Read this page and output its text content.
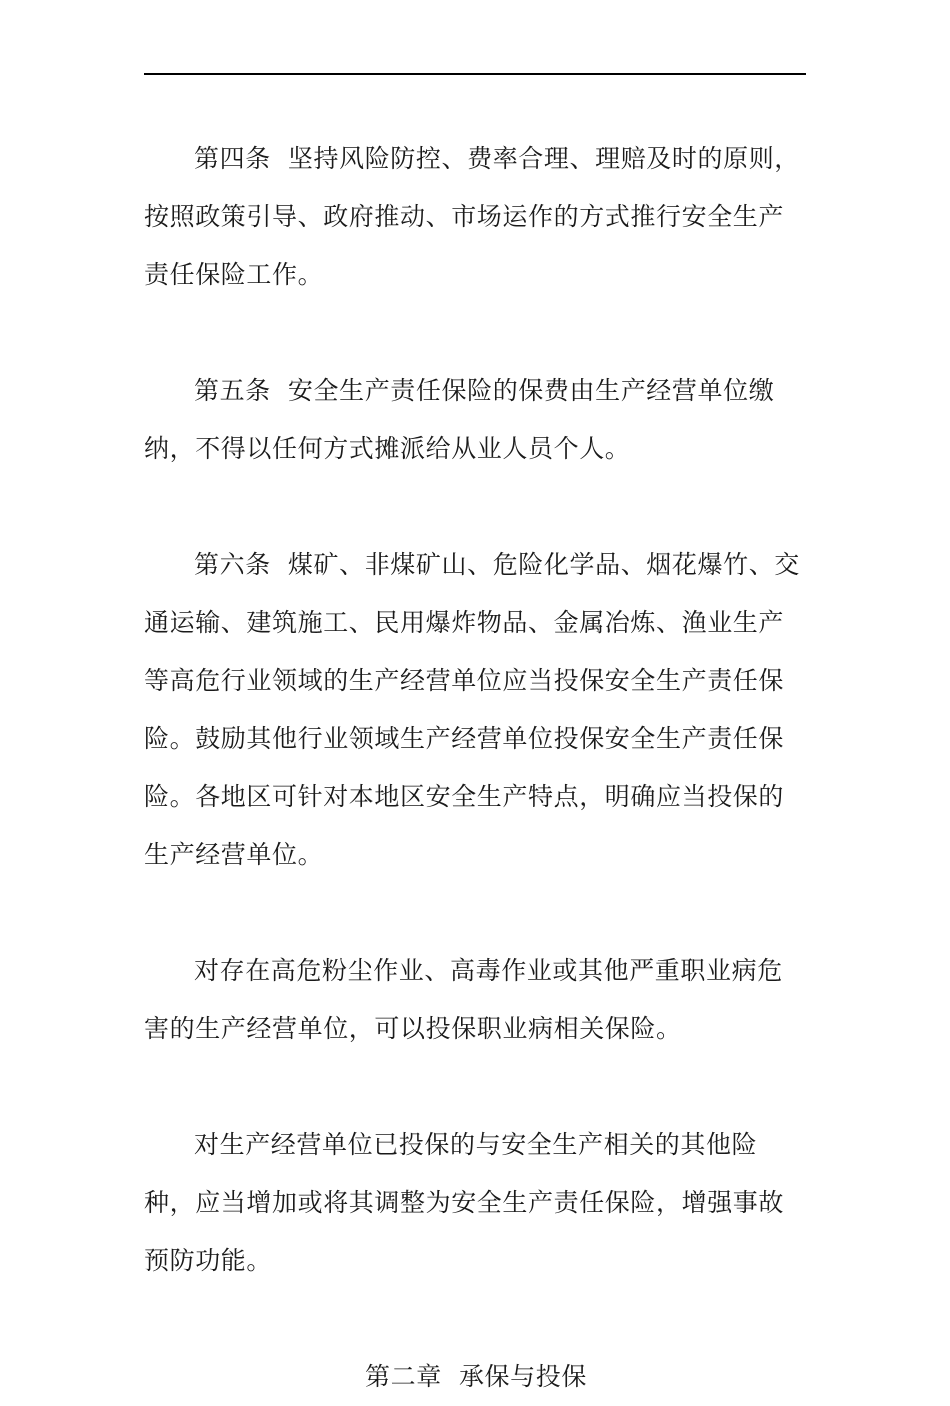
第四条  坚持风险防控、费率合理、理赔及时的原则，按照政策引导、政府推动、市场运作的方式推行安全生产责任保险工作。

第五条  安全生产责任保险的保费由生产经营单位缴纳，不得以任何方式摊派给从业人员个人。

第六条  煤矿、非煤矿山、危险化学品、烟花爆竹、交通运输、建筑施工、民用爆炸物品、金属冶炼、渔业生产等高危行业领域的生产经营单位应当投保安全生产责任保险。鼓励其他行业领域生产经营单位投保安全生产责任保险。各地区可针对本地区安全生产特点，明确应当投保的生产经营单位。

对存在高危粉尘作业、高毒作业或其他严重职业病危害的生产经营单位，可以投保职业病相关保险。

对生产经营单位已投保的与安全生产相关的其他险种，应当增加或将其调整为安全生产责任保险，增强事故预防功能。

第二章  承保与投保
